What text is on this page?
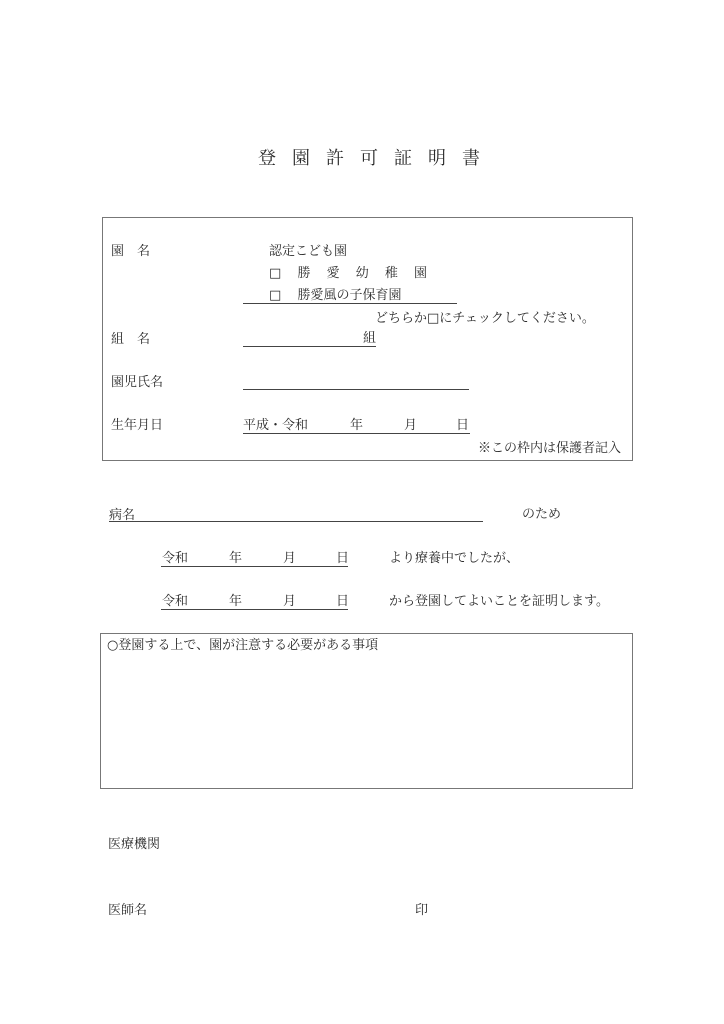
登 園 許 可 証 明 書
園　名	認定こども園
□ 勝 愛 幼 稚 園
□ 勝愛風の子保育園
どちらか□にチェックしてください。
組　名	組
園児氏名
生年月日	平成・令和	年	月	日
※この枠内は保護者記入
病名	のため
令和	年	月	日	より療養中でしたが、
令和	年	月	日	から登園してよいことを証明します。
○登園する上で、園が注意する必要がある事項
医療機関
医師名	印
